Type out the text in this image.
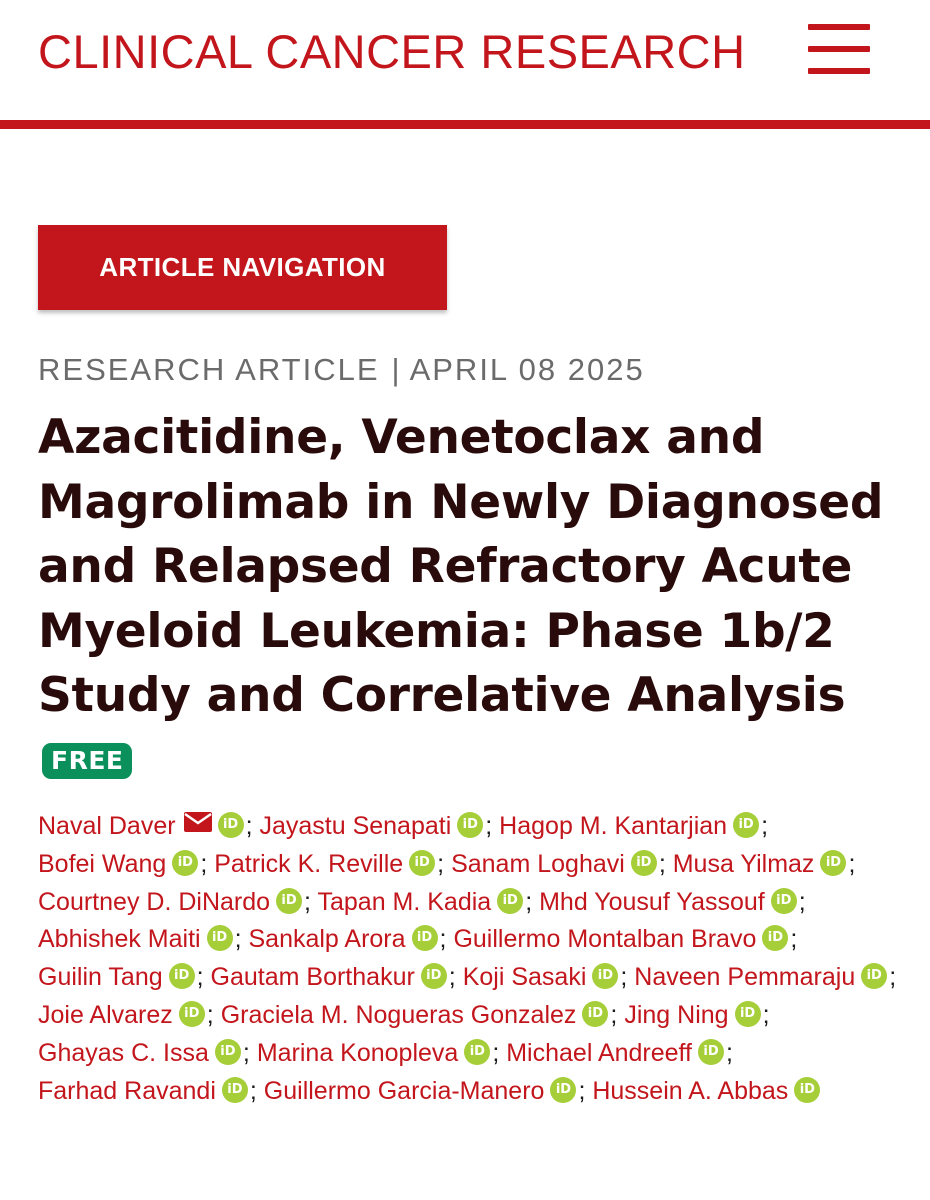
CLINICAL CANCER RESEARCH
ARTICLE NAVIGATION
RESEARCH ARTICLE | APRIL 08 2025
Azacitidine, Venetoclax and Magrolimab in Newly Diagnosed and Relapsed Refractory Acute Myeloid Leukemia: Phase 1b/2 Study and Correlative Analysis FREE
Naval Daver	iD ; Jayastu Senapati iD ; Hagop M. Kantarjian iD ; Bofei Wang iD ; Patrick K. Reville iD ; Sanam Loghavi iD ; Musa Yilmaz iD ; Courtney D. DiNardo iD ; Tapan M. Kadia iD ; Mhd Yousuf Yassouf iD ; Abhishek Maiti iD ; Sankalp Arora iD ; Guillermo Montalban Bravo iD ; Guilin Tang iD ; Gautam Borthakur iD ; Koji Sasaki iD ; Naveen Pemmaraju iD ; Joie Alvarez iD ; Graciela M. Nogueras Gonzalez iD ; Jing Ning iD ; Ghayas C. Issa iD ; Marina Konopleva iD ; Michael Andreeff iD ; Farhad Ravandi iD ; Guillermo Garcia-Manero iD ; Hussein A. Abbas iD
